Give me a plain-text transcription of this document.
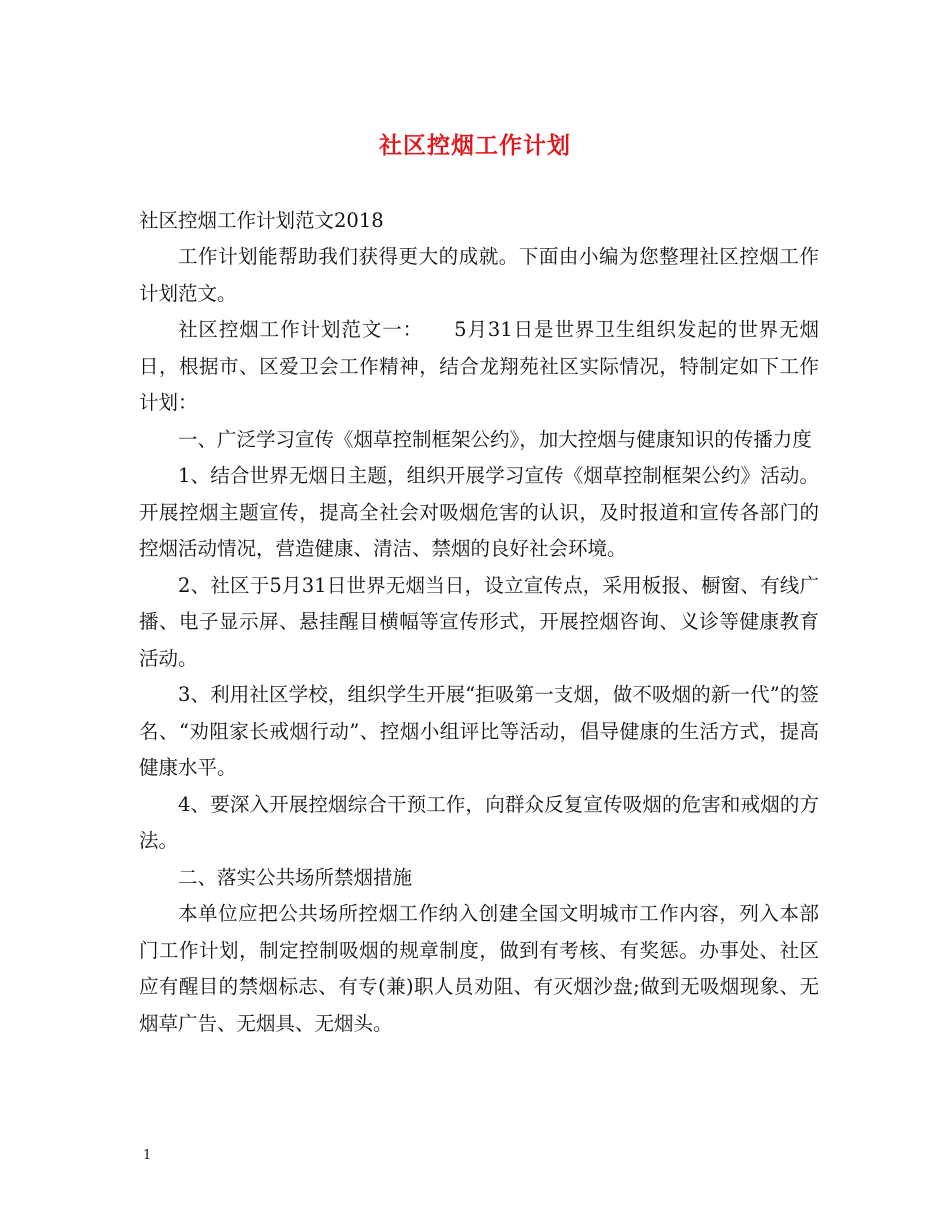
社区控烟工作计划
社区控烟工作计划范文2018

工作计划能帮助我们获得更大的成就。下面由小编为您整理社区控烟工作计划范文。

社区控烟工作计划范文一：　　5月31日是世界卫生组织发起的世界无烟日，根据市、区爱卫会工作精神，结合龙翔苑社区实际情况，特制定如下工作计划：

一、广泛学习宣传《烟草控制框架公约》，加大控烟与健康知识的传播力度

1、结合世界无烟日主题，组织开展学习宣传《烟草控制框架公约》活动。开展控烟主题宣传，提高全社会对吸烟危害的认识，及时报道和宣传各部门的控烟活动情况，营造健康、清洁、禁烟的良好社会环境。

2、社区于5月31日世界无烟当日，设立宣传点，采用板报、橱窗、有线广播、电子显示屏、悬挂醒目横幅等宣传形式，开展控烟咨询、义诊等健康教育活动。

3、利用社区学校，组织学生开展“拒吸第一支烟，做不吸烟的新一代”的签名、“劝阻家长戒烟行动”、控烟小组评比等活动，倡导健康的生活方式，提高健康水平。

4、要深入开展控烟综合干预工作，向群众反复宣传吸烟的危害和戒烟的方法。

二、落实公共场所禁烟措施

本单位应把公共场所控烟工作纳入创建全国文明城市工作内容，列入本部门工作计划，制定控制吸烟的规章制度，做到有考核、有奖惩。办事处、社区应有醒目的禁烟标志、有专(兼)职人员劝阻、有灭烟沙盘;做到无吸烟现象、无烟草广告、无烟具、无烟头。

1
